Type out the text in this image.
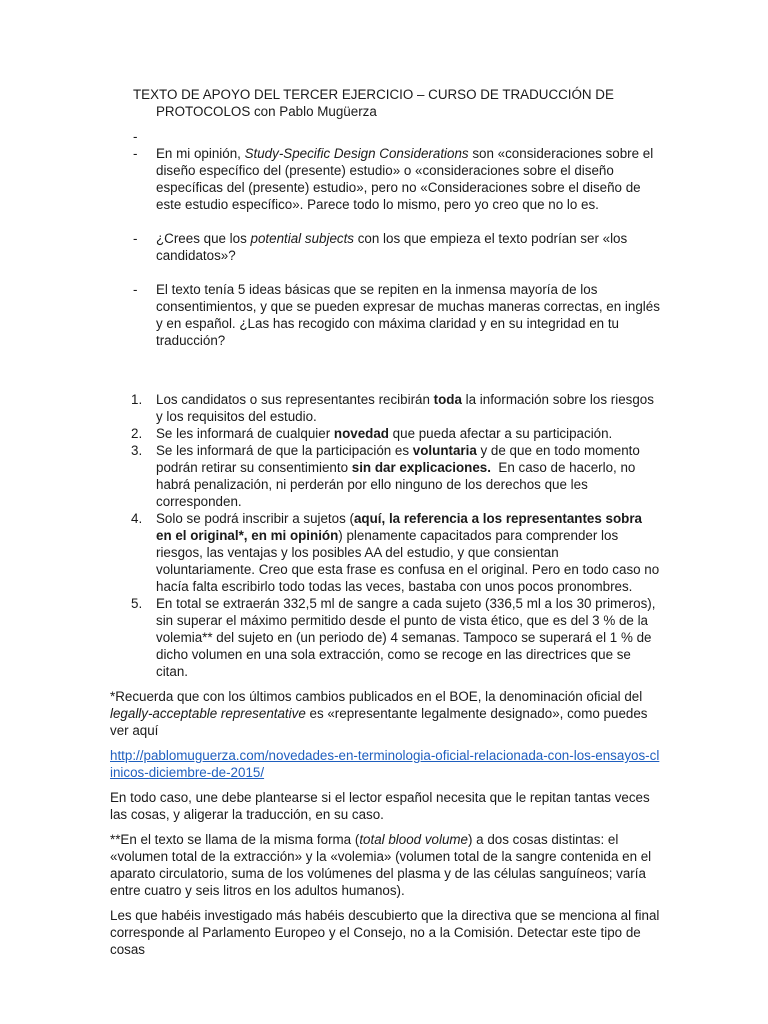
TEXTO DE APOYO DEL TERCER EJERCICIO – CURSO DE TRADUCCIÓN DE PROTOCOLOS con Pablo Mugüerza

-

- En mi opinión, Study-Specific Design Considerations son «consideraciones sobre el diseño específico del (presente) estudio» o «consideraciones sobre el diseño específicas del (presente) estudio», pero no «Consideraciones sobre el diseño de este estudio específico». Parece todo lo mismo, pero yo creo que no lo es.
- ¿Crees que los potential subjects con los que empieza el texto podrían ser «los candidatos»?
- El texto tenía 5 ideas básicas que se repiten en la inmensa mayoría de los consentimientos, y que se pueden expresar de muchas maneras correctas, en inglés y en español. ¿Las has recogido con máxima claridad y en su integridad en tu traducción?
1. Los candidatos o sus representantes recibirán toda la información sobre los riesgos y los requisitos del estudio.
2. Se les informará de cualquier novedad que pueda afectar a su participación.
3. Se les informará de que la participación es voluntaria y de que en todo momento podrán retirar su consentimiento sin dar explicaciones.  En caso de hacerlo, no habrá penalización, ni perderán por ello ninguno de los derechos que les corresponden.
4. Solo se podrá inscribir a sujetos (aquí, la referencia a los representantes sobra en el original*, en mi opinión) plenamente capacitados para comprender los riesgos, las ventajas y los posibles AA del estudio, y que consientan voluntariamente. Creo que esta frase es confusa en el original. Pero en todo caso no hacía falta escribirlo todo todas las veces, bastaba con unos pocos pronombres.
5. En total se extraerán 332,5 ml de sangre a cada sujeto (336,5 ml a los 30 primeros), sin superar el máximo permitido desde el punto de vista ético, que es del 3 % de la volemia** del sujeto en (un periodo de) 4 semanas. Tampoco se superará el 1 % de dicho volumen en una sola extracción, como se recoge en las directrices que se citan.

*Recuerda que con los últimos cambios publicados en el BOE, la denominación oficial del legally-acceptable representative es «representante legalmente designado», como puedes ver aquí

http://pablomuguerza.com/novedades-en-terminologia-oficial-relacionada-con-los-ensayos-clinicos-diciembre-de-2015/

En todo caso, une debe plantearse si el lector español necesita que le repitan tantas veces las cosas, y aligerar la traducción, en su caso.

**En el texto se llama de la misma forma (total blood volume) a dos cosas distintas: el «volumen total de la extracción» y la «volemia» (volumen total de la sangre contenida en el aparato circulatorio, suma de los volúmenes del plasma y de las células sanguíneos; varía entre cuatro y seis litros en los adultos humanos).

Les que habéis investigado más habéis descubierto que la directiva que se menciona al final corresponde al Parlamento Europeo y el Consejo, no a la Comisión. Detectar este tipo de cosas
